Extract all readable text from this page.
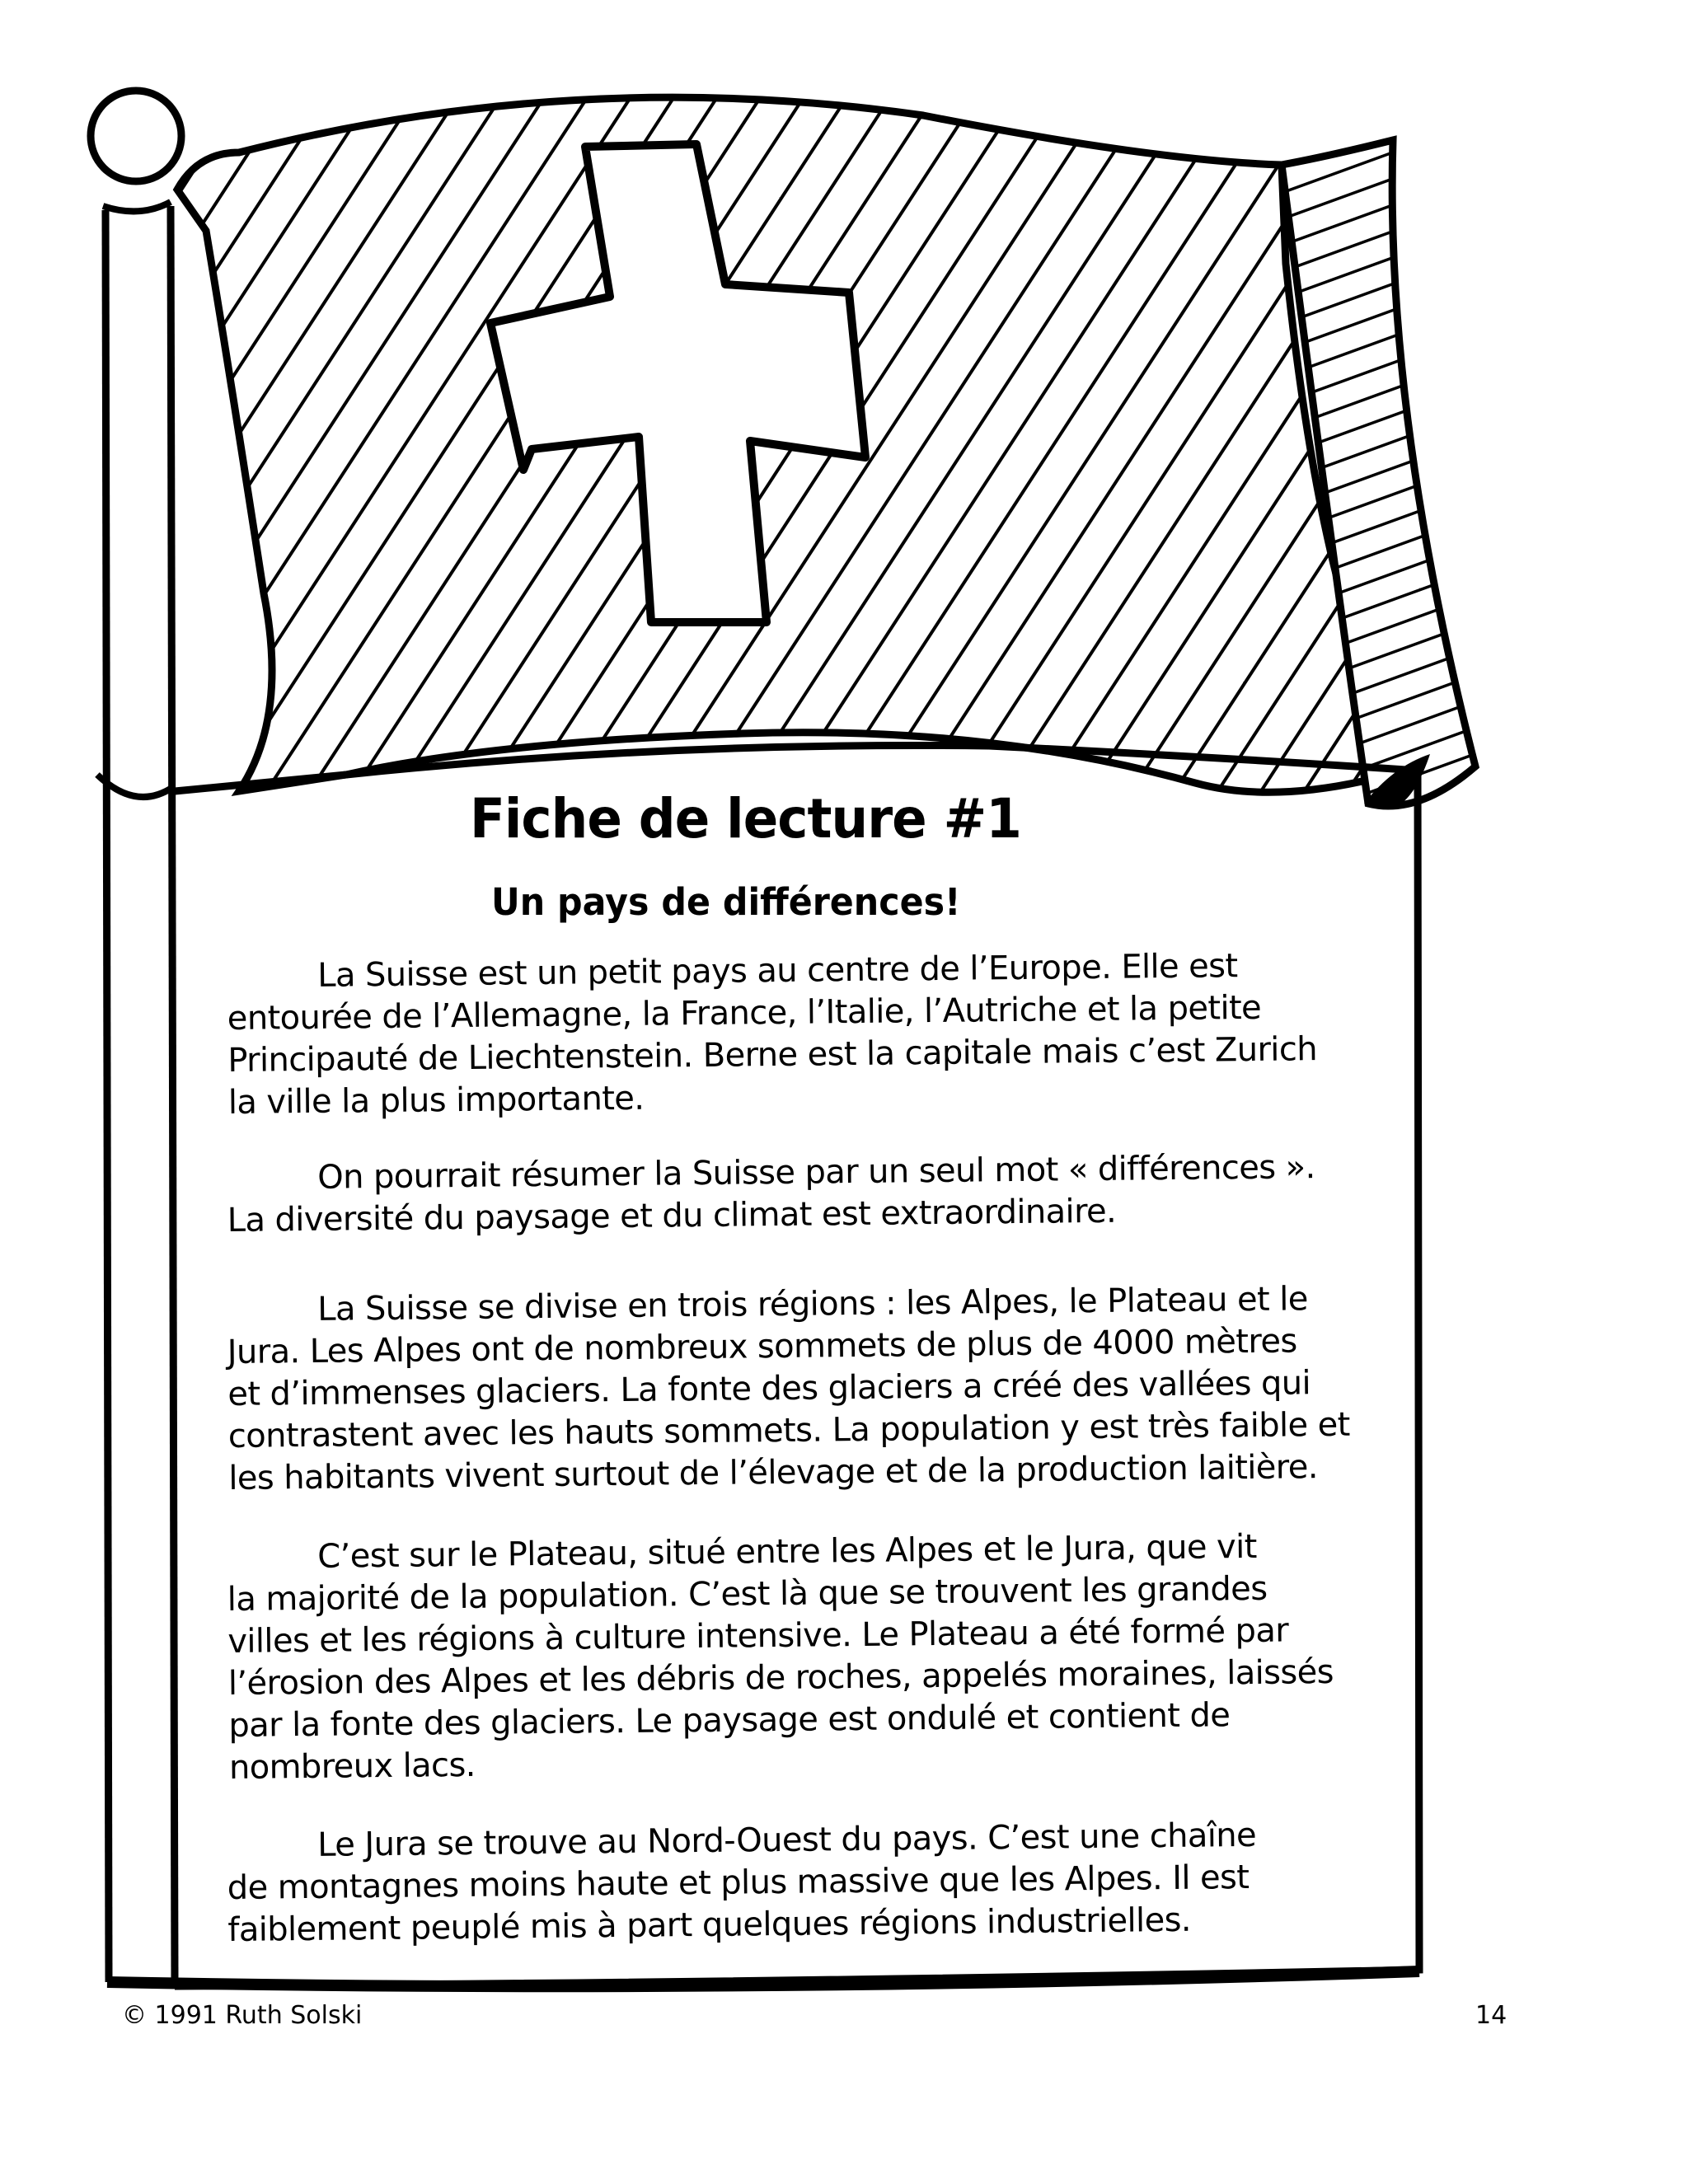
Fiche de lecture #1
Un pays de différences!

La Suisse est un petit pays au centre de l’Europe. Elle est
entourée de l’Allemagne, la France, l’Italie, l’Autriche et la petite
Principauté de Liechtenstein. Berne est la capitale mais c’est Zurich
la ville la plus importante.

On pourrait résumer la Suisse par un seul mot « différences ».
La diversité du paysage et du climat est extraordinaire.

La Suisse se divise en trois régions : les Alpes, le Plateau et le
Jura. Les Alpes ont de nombreux sommets de plus de 4000 mètres
et d’immenses glaciers. La fonte des glaciers a créé des vallées qui
contrastent avec les hauts sommets. La population y est très faible et
les habitants vivent surtout de l’élevage et de la production laitière.

C’est sur le Plateau, situé entre les Alpes et le Jura, que vit
la majorité de la population. C’est là que se trouvent les grandes
villes et les régions à culture intensive. Le Plateau a été formé par
l’érosion des Alpes et les débris de roches, appelés moraines, laissés
par la fonte des glaciers. Le paysage est ondulé et contient de
nombreux lacs.

Le Jura se trouve au Nord-Ouest du pays. C’est une chaîne
de montagnes moins haute et plus massive que les Alpes. Il est
faiblement peuplé mis à part quelques régions industrielles.

© 1991 Ruth Solski	14
